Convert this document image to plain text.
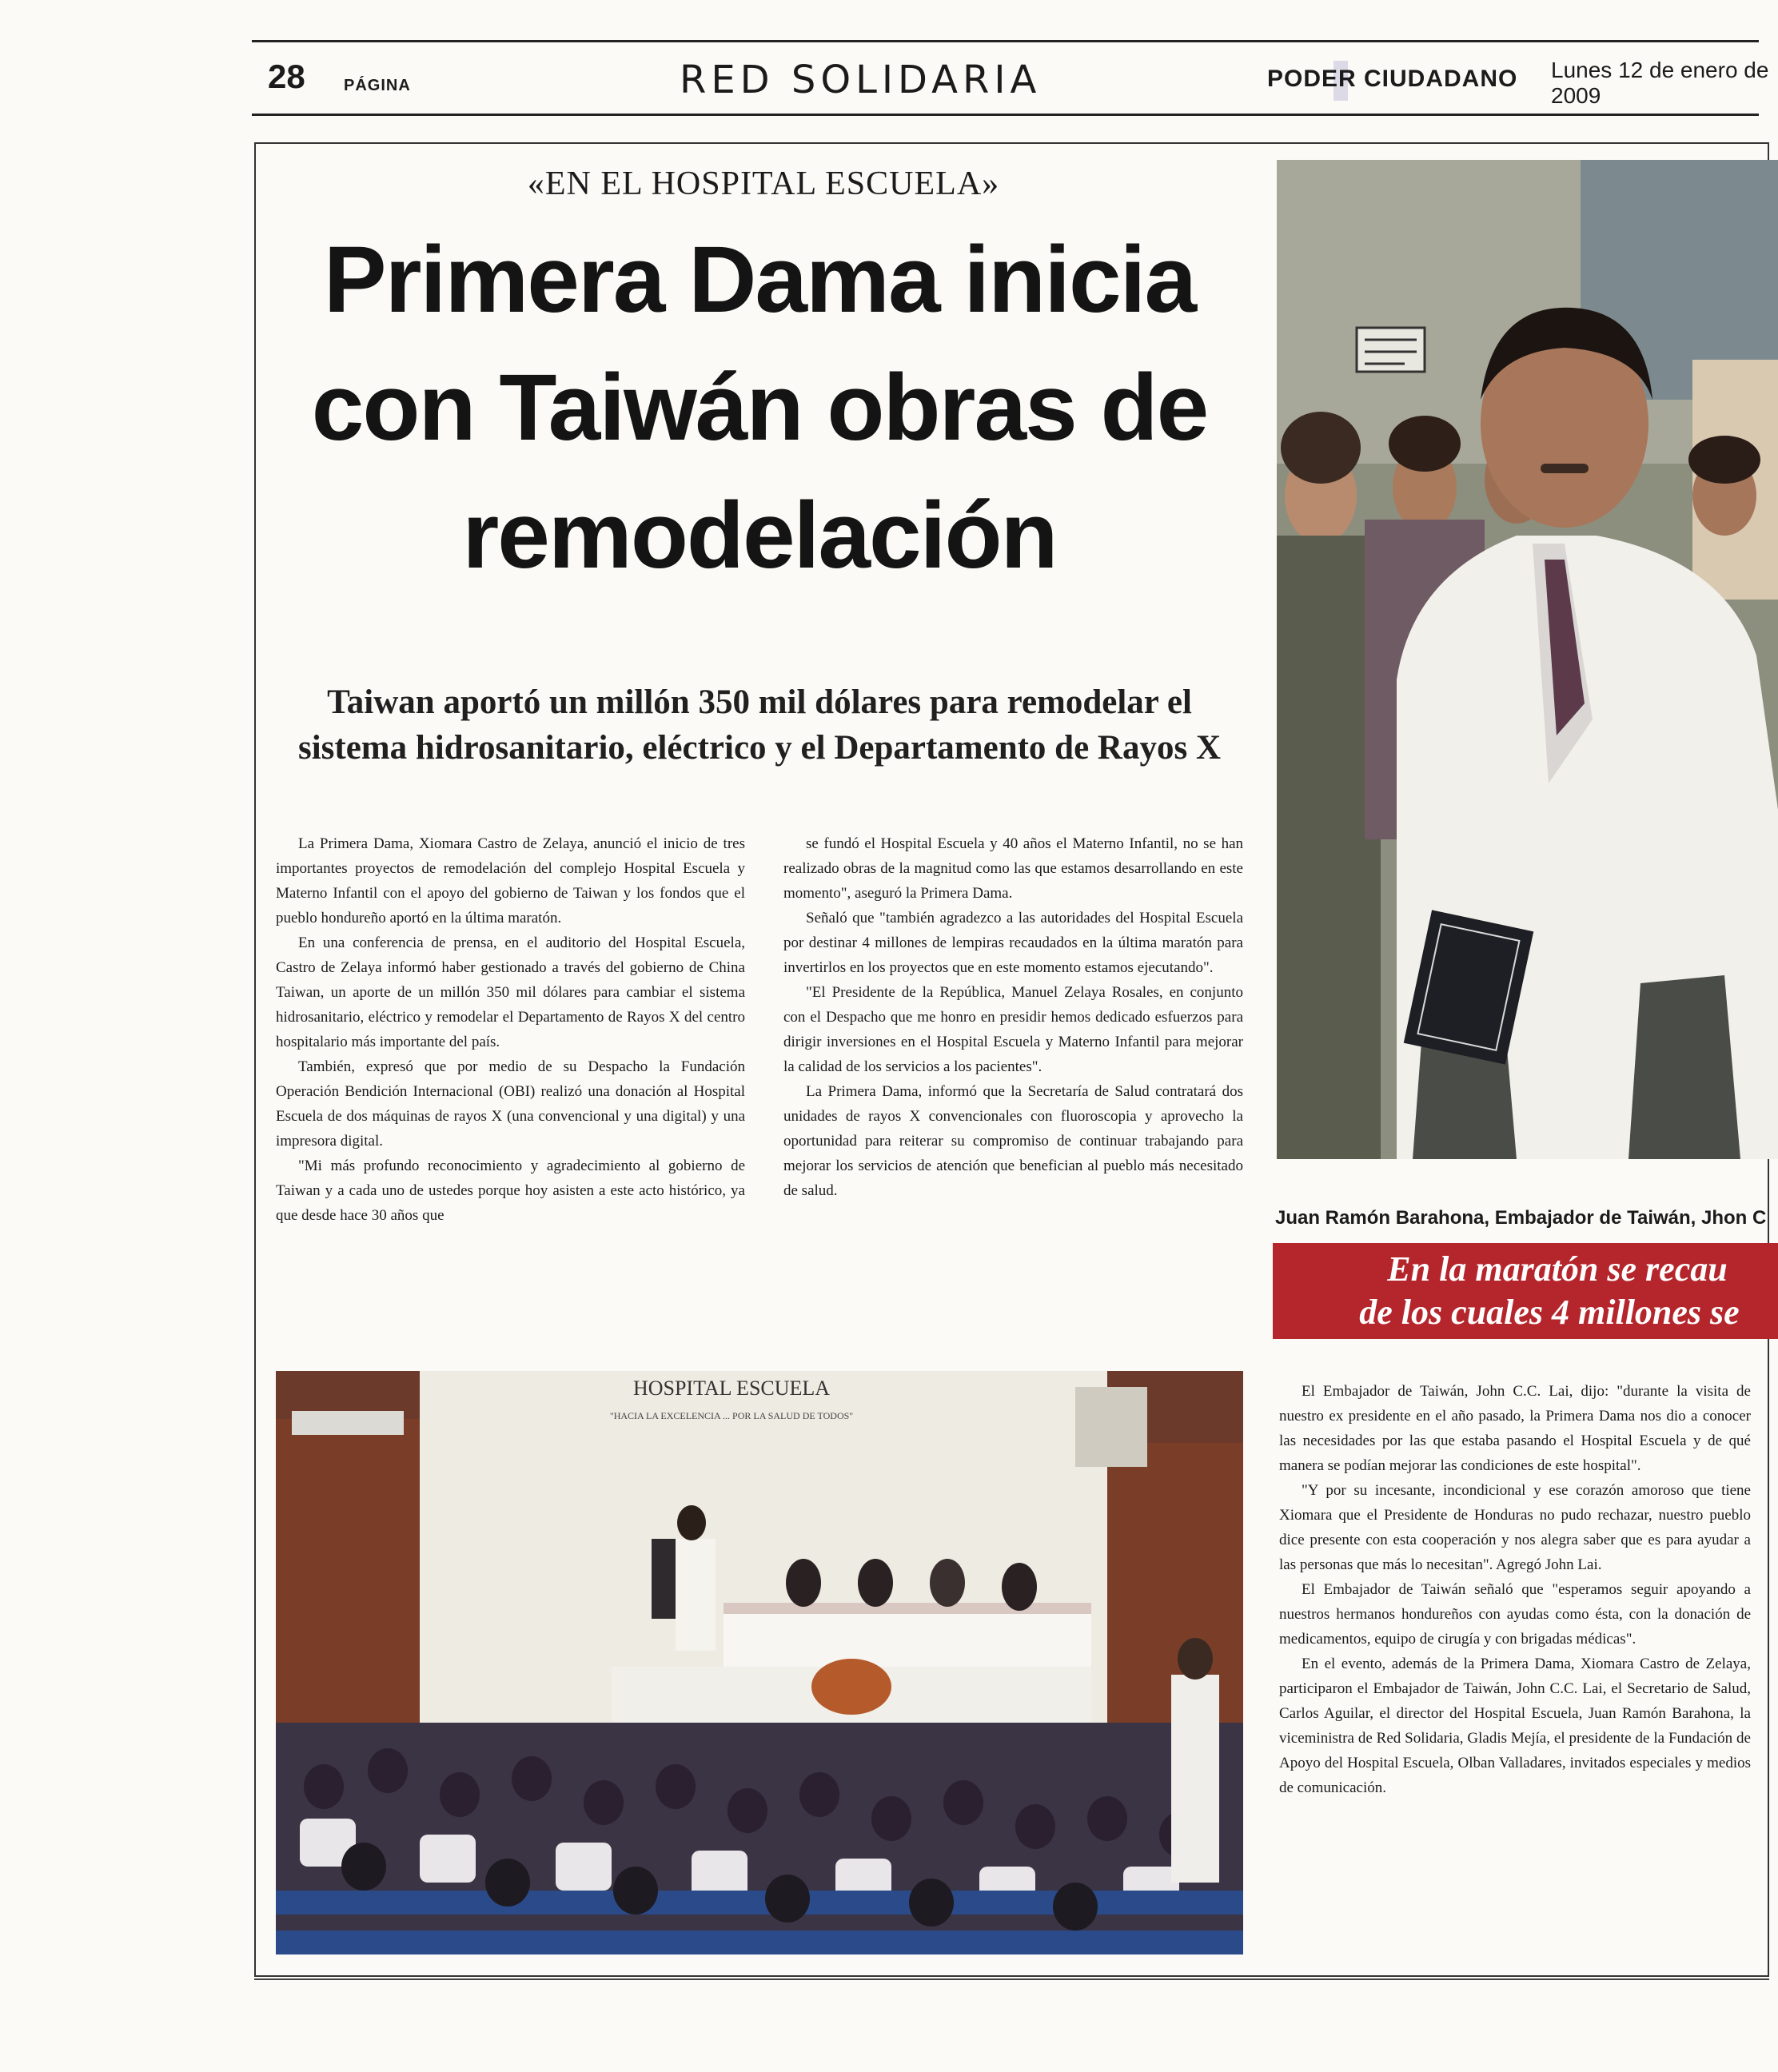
28 PÁGINA	RED SOLIDARIA	PODER CIUDADANO Lunes 12 de enero de 2009
«EN EL HOSPITAL ESCUELA»
Primera Dama inicia con Taiwán obras de remodelación
Taiwan aportó un millón 350 mil dólares para remodelar el sistema hidrosanitario, eléctrico y el Departamento de Rayos X

La Primera Dama, Xiomara Castro de Zelaya, anunció el inicio de tres importantes proyectos de remodelación del complejo Hospital Escuela y Materno Infantil con el apoyo del gobierno de Taiwan y los fondos que el pueblo hondureño aportó en la última maratón.

En una conferencia de prensa, en el auditorio del Hospital Escuela, Castro de Zelaya informó haber gestionado a través del gobierno de China Taiwan, un aporte de un millón 350 mil dólares para cambiar el sistema hidrosanitario, eléctrico y remodelar el Departamento de Rayos X del centro hospitalario más importante del país.

También, expresó que por medio de su Despacho la Fundación Operación Bendición Internacional (OBI) realizó una donación al Hospital Escuela de dos máquinas de rayos X (una convencional y una digital) y una impresora digital.

"Mi más profundo reconocimiento y agradecimiento al gobierno de Taiwan y a cada uno de ustedes porque hoy asisten a este acto histórico, ya que desde hace 30 años que

se fundó el Hospital Escuela y 40 años el Materno Infantil, no se han realizado obras de la magnitud como las que estamos desarrollando en este momento", aseguró la Primera Dama.

Señaló que "también agradezco a las autoridades del Hospital Escuela por destinar 4 millones de lempiras recaudados en la última maratón para invertirlos en los proyectos que en este momento estamos ejecutando".

"El Presidente de la República, Manuel Zelaya Rosales, en conjunto con el Despacho que me honro en presidir hemos dedicado esfuerzos para dirigir inversiones en el Hospital Escuela y Materno Infantil para mejorar la calidad de los servicios a los pacientes".

La Primera Dama, informó que la Secretaría de Salud contratará dos unidades de rayos X convencionales con fluoroscopia y aprovecho la oportunidad para reiterar su compromiso de continuar trabajando para mejorar los servicios de atención que benefician al pueblo más necesitado de salud.

Juan Ramón Barahona, Embajador de Taiwán, Jhon C
En la maratón se recau
de los cuales 4 millones se
HOSPITAL ESCUELA
"HACIA LA EXCELENCIA ... POR LA SALUD DE TODOS"

El Embajador de Taiwán, John C.C. Lai, dijo: "durante la visita de nuestro ex presidente en el año pasado, la Primera Dama nos dio a conocer las necesidades por las que estaba pasando el Hospital Escuela y de qué manera se podían mejorar las condiciones de este hospital".

"Y por su incesante, incondicional y ese corazón amoroso que tiene Xiomara que el Presidente de Honduras no pudo rechazar, nuestro pueblo dice presente con esta cooperación y nos alegra saber que es para ayudar a las personas que más lo necesitan". Agregó John Lai.

El Embajador de Taiwán señaló que "esperamos seguir apoyando a nuestros hermanos hondureños con ayudas como ésta, con la donación de medicamentos, equipo de cirugía y con brigadas médicas".

En el evento, además de la Primera Dama, Xiomara Castro de Zelaya, participaron el Embajador de Taiwán, John C.C. Lai, el Secretario de Salud, Carlos Aguilar, el director del Hospital Escuela, Juan Ramón Barahona, la viceministra de Red Solidaria, Gladis Mejía, el presidente de la Fundación de Apoyo del Hospital Escuela, Olban Valladares, invitados especiales y medios de comunicación.
